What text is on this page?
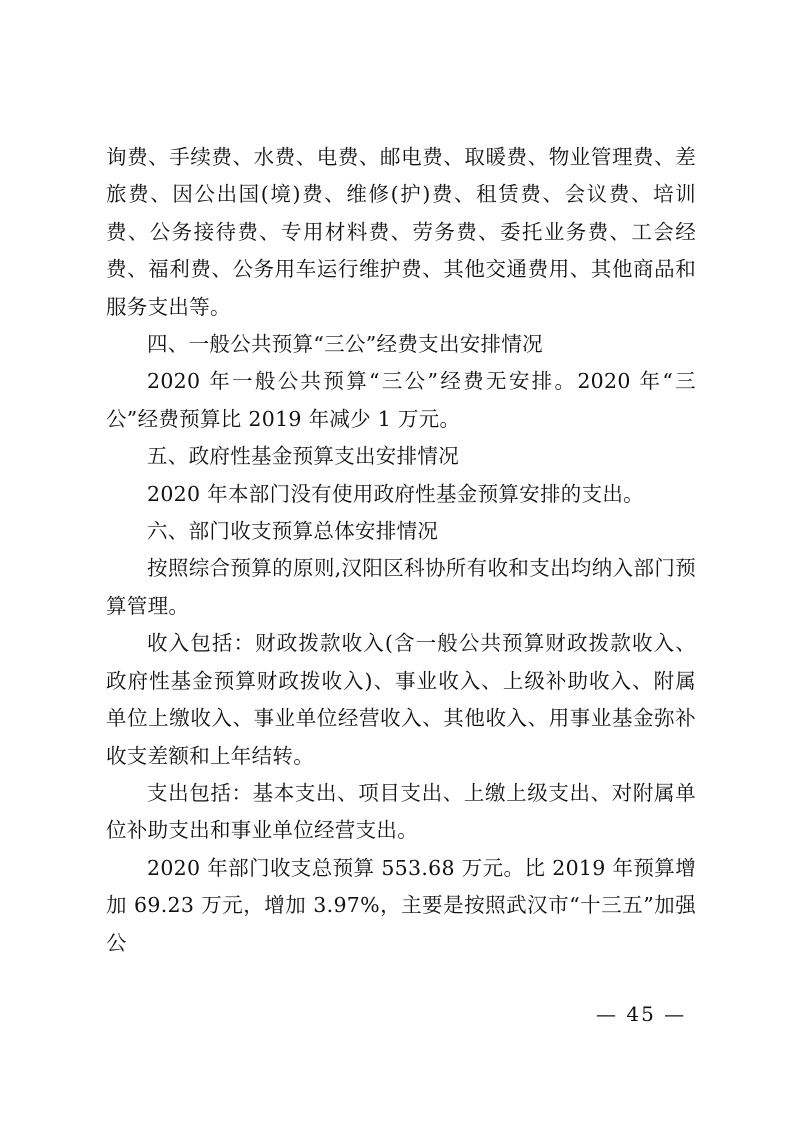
询费、手续费、水费、电费、邮电费、取暖费、物业管理费、差旅费、因公出国(境)费、维修(护)费、租赁费、会议费、培训费、公务接待费、专用材料费、劳务费、委托业务费、工会经费、福利费、公务用车运行维护费、其他交通费用、其他商品和服务支出等。

四、一般公共预算“三公”经费支出安排情况

2020 年一般公共预算“三公”经费无安排。2020 年“三公”经费预算比 2019 年减少 1 万元。

五、政府性基金预算支出安排情况

2020 年本部门没有使用政府性基金预算安排的支出。

六、部门收支预算总体安排情况

按照综合预算的原则,汉阳区科协所有收和支出均纳入部门预算管理。

收入包括：财政拨款收入(含一般公共预算财政拨款收入、政府性基金预算财政拨收入)、事业收入、上级补助收入、附属单位上缴收入、事业单位经营收入、其他收入、用事业基金弥补收支差额和上年结转。

支出包括：基本支出、项目支出、上缴上级支出、对附属单位补助支出和事业单位经营支出。

2020 年部门收支总预算 553.68 万元。比 2019 年预算增加 69.23 万元，增加 3.97%，主要是按照武汉市“十三五”加强公

— 45 —
